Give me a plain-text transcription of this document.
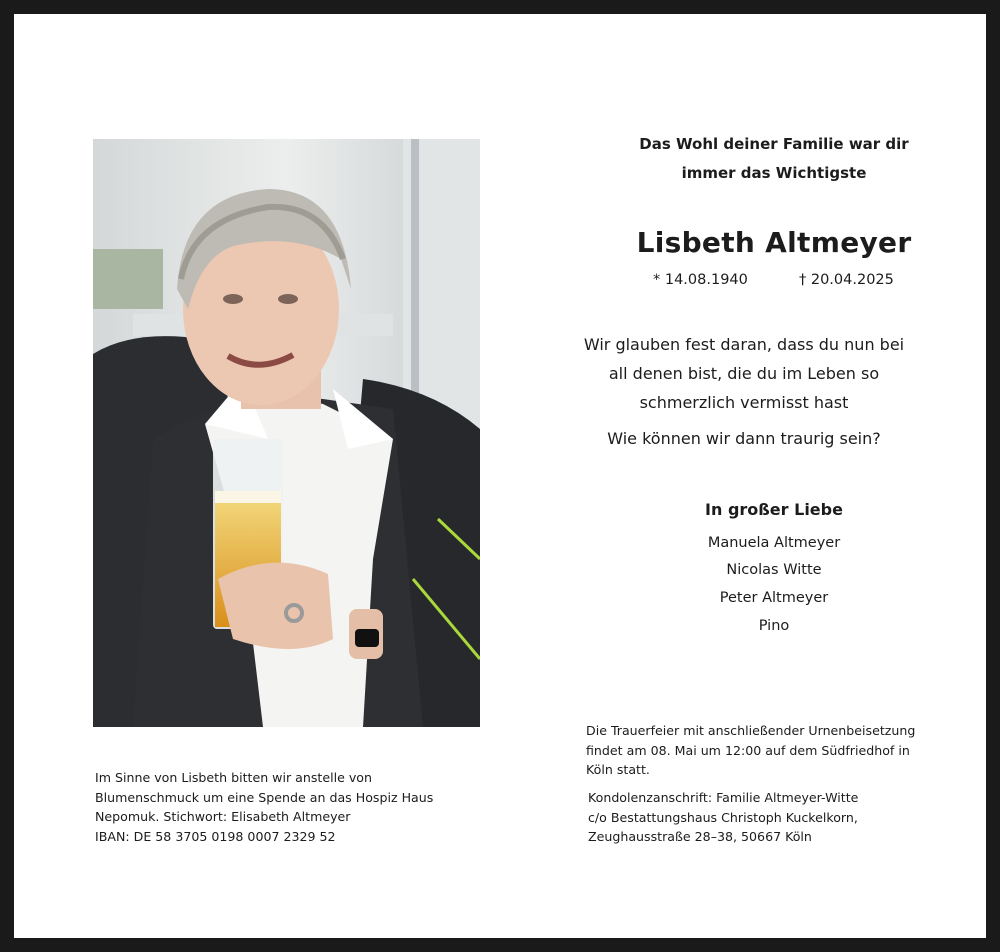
Das Wohl deiner Familie war dir
immer das Wichtigste
Lisbeth Altmeyer
* 14.08.1940	† 20.04.2025
Wir glauben fest daran, dass du nun bei
all denen bist, die du im Leben so
schmerzlich vermisst hast
Wie können wir dann traurig sein?
In großer Liebe
Manuela Altmeyer
Nicolas Witte
Peter Altmeyer
Pino
Die Trauerfeier mit anschließender Urnenbeisetzung
findet am 08. Mai um 12:00 auf dem Südfriedhof in
Köln statt.
Kondolenzanschrift: Familie Altmeyer-Witte
c/o Bestattungshaus Christoph Kuckelkorn,
Zeughausstraße 28–38, 50667 Köln
Im Sinne von Lisbeth bitten wir anstelle von
Blumenschmuck um eine Spende an das Hospiz Haus
Nepomuk. Stichwort: Elisabeth Altmeyer
IBAN: DE 58 3705 0198 0007 2329 52
